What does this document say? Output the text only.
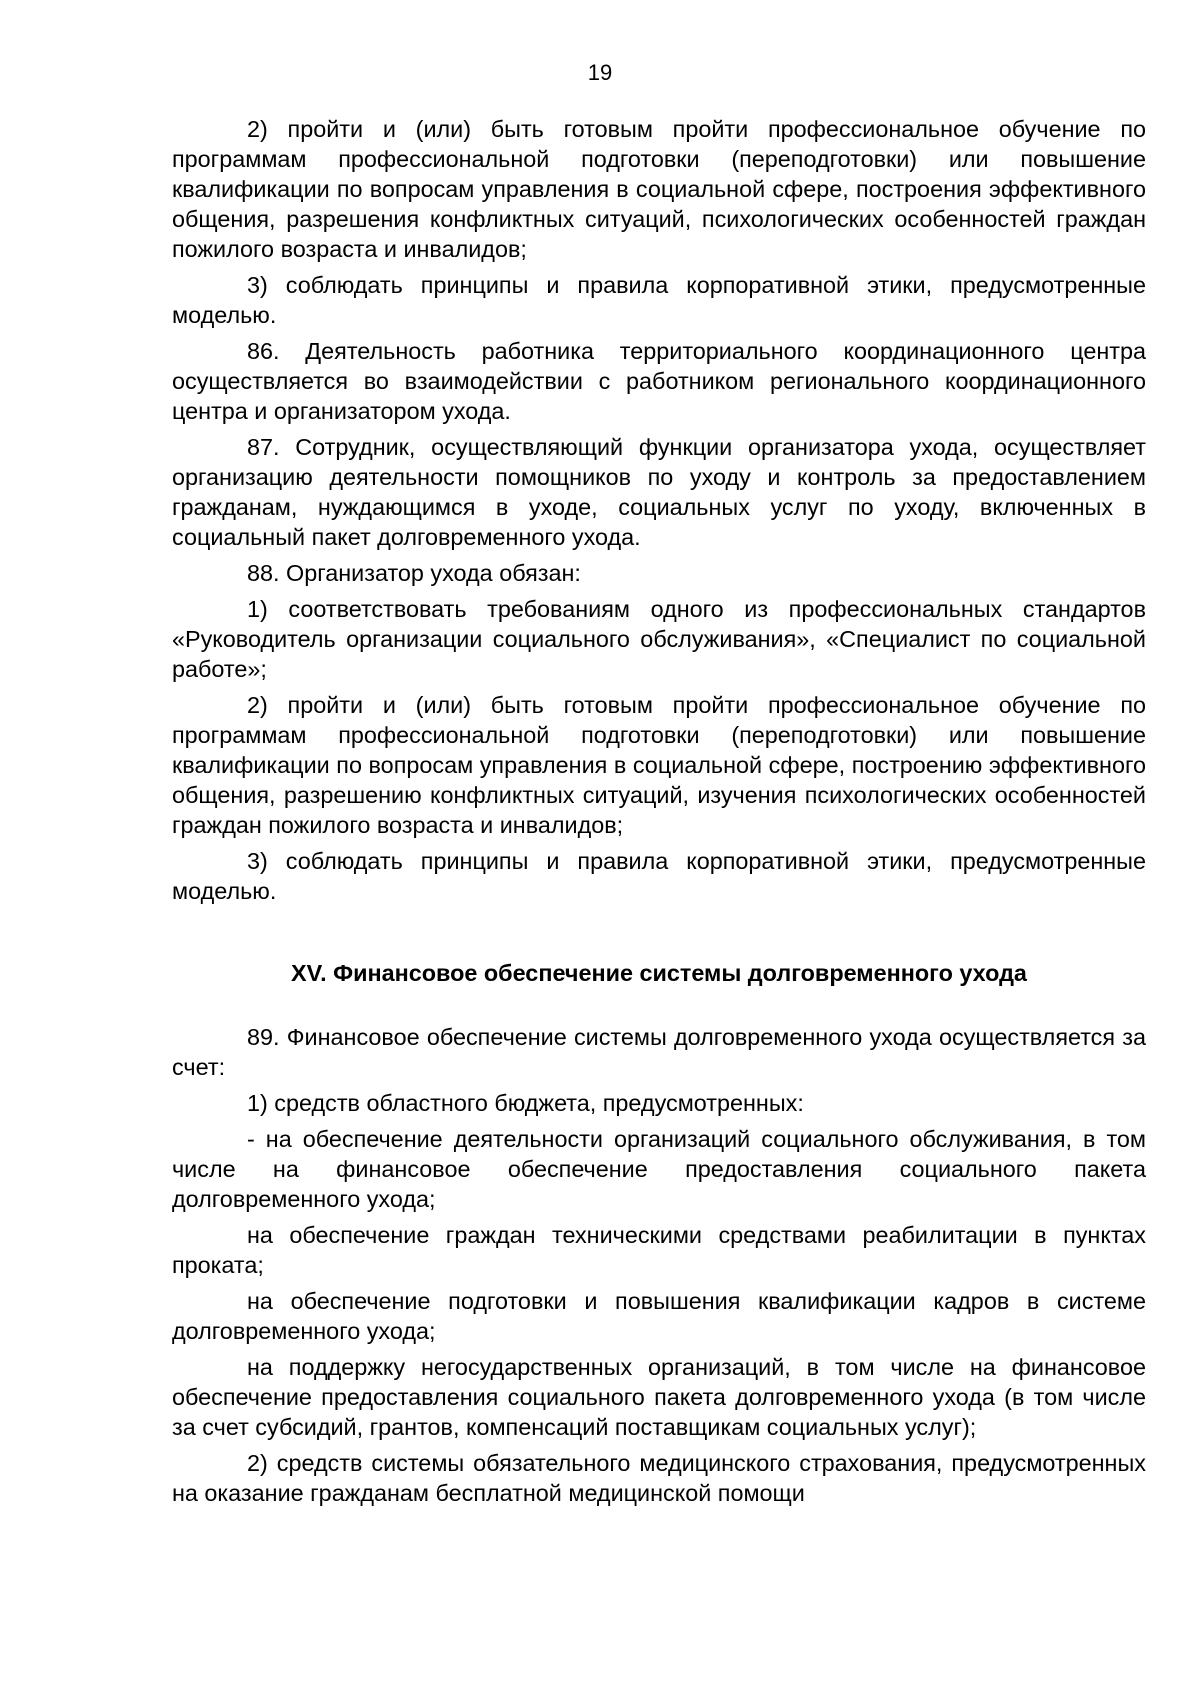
19

2) пройти и (или) быть готовым пройти профессиональное обучение по программам профессиональной подготовки (переподготовки) или повышение квалификации по вопросам управления в социальной сфере, построения эффективного общения, разрешения конфликтных ситуаций, психологических особенностей граждан пожилого возраста и инвалидов;

3) соблюдать принципы и правила корпоративной этики, предусмотренные моделью.

86. Деятельность работника территориального координационного центра осуществляется во взаимодействии с работником регионального координационного центра и организатором ухода.

87. Сотрудник, осуществляющий функции организатора ухода, осуществляет организацию деятельности помощников по уходу и контроль за предоставлением гражданам, нуждающимся в уходе, социальных услуг по уходу, включенных в социальный пакет долговременного ухода.

88. Организатор ухода обязан:

1) соответствовать требованиям одного из профессиональных стандартов «Руководитель организации социального обслуживания», «Специалист по социальной работе»;

2) пройти и (или) быть готовым пройти профессиональное обучение по программам профессиональной подготовки (переподготовки) или повышение квалификации по вопросам управления в социальной сфере, построению эффективного общения, разрешению конфликтных ситуаций, изучения психологических особенностей граждан пожилого возраста и инвалидов;

3) соблюдать принципы и правила корпоративной этики, предусмотренные моделью.

XV. Финансовое обеспечение системы долговременного ухода

89. Финансовое обеспечение системы долговременного ухода осуществляется за счет:

1) средств областного бюджета, предусмотренных:

- на обеспечение деятельности организаций социального обслуживания, в том числе на финансовое обеспечение предоставления социального пакета долговременного ухода;

на обеспечение граждан техническими средствами реабилитации в пунктах проката;

на обеспечение подготовки и повышения квалификации кадров в системе долговременного ухода;

на поддержку негосударственных организаций, в том числе на финансовое обеспечение предоставления социального пакета долговременного ухода (в том числе за счет субсидий, грантов, компенсаций поставщикам социальных услуг);

2) средств системы обязательного медицинского страхования, предусмотренных на оказание гражданам бесплатной медицинской помощи
